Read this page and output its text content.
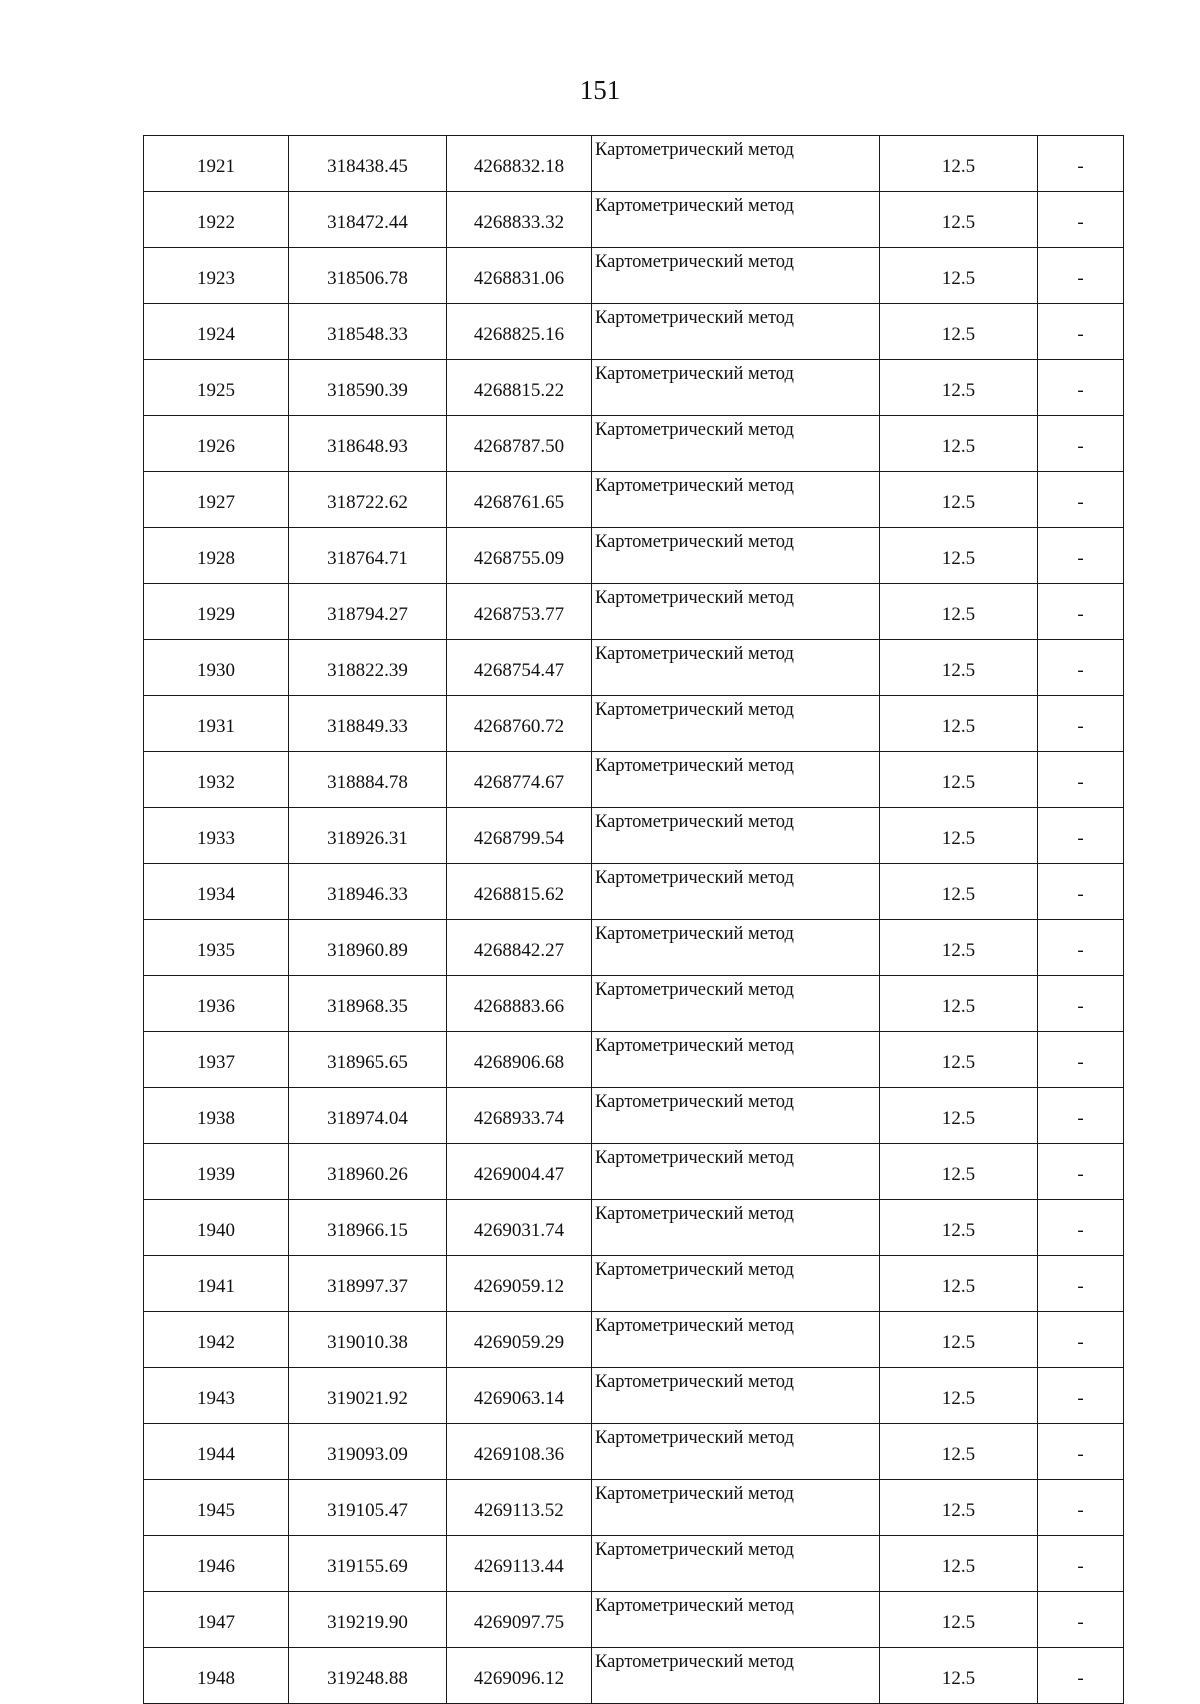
151
1921	318438.45	4268832.18	Картометрический метод	12.5	-
1922	318472.44	4268833.32	Картометрический метод	12.5	-
1923	318506.78	4268831.06	Картометрический метод	12.5	-
1924	318548.33	4268825.16	Картометрический метод	12.5	-
1925	318590.39	4268815.22	Картометрический метод	12.5	-
1926	318648.93	4268787.50	Картометрический метод	12.5	-
1927	318722.62	4268761.65	Картометрический метод	12.5	-
1928	318764.71	4268755.09	Картометрический метод	12.5	-
1929	318794.27	4268753.77	Картометрический метод	12.5	-
1930	318822.39	4268754.47	Картометрический метод	12.5	-
1931	318849.33	4268760.72	Картометрический метод	12.5	-
1932	318884.78	4268774.67	Картометрический метод	12.5	-
1933	318926.31	4268799.54	Картометрический метод	12.5	-
1934	318946.33	4268815.62	Картометрический метод	12.5	-
1935	318960.89	4268842.27	Картометрический метод	12.5	-
1936	318968.35	4268883.66	Картометрический метод	12.5	-
1937	318965.65	4268906.68	Картометрический метод	12.5	-
1938	318974.04	4268933.74	Картометрический метод	12.5	-
1939	318960.26	4269004.47	Картометрический метод	12.5	-
1940	318966.15	4269031.74	Картометрический метод	12.5	-
1941	318997.37	4269059.12	Картометрический метод	12.5	-
1942	319010.38	4269059.29	Картометрический метод	12.5	-
1943	319021.92	4269063.14	Картометрический метод	12.5	-
1944	319093.09	4269108.36	Картометрический метод	12.5	-
1945	319105.47	4269113.52	Картометрический метод	12.5	-
1946	319155.69	4269113.44	Картометрический метод	12.5	-
1947	319219.90	4269097.75	Картометрический метод	12.5	-
1948	319248.88	4269096.12	Картометрический метод	12.5	-
